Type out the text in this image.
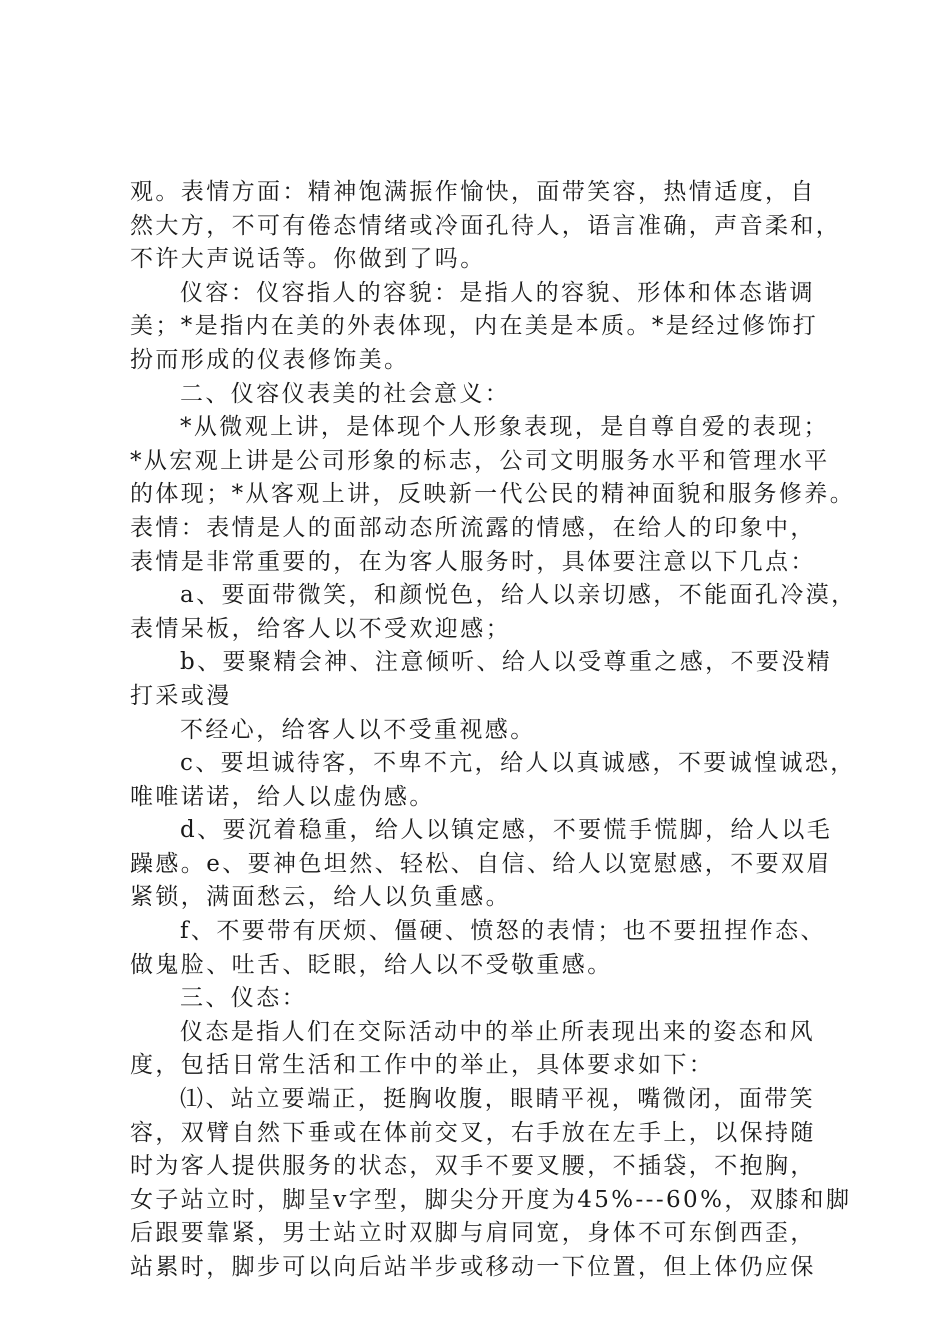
观。表情方面：精神饱满振作愉快，面带笑容，热情适度，自
然大方，不可有倦态情绪或冷面孔待人，语言准确，声音柔和，
不许大声说话等。你做到了吗。
仪容：仪容指人的容貌：是指人的容貌、形体和体态谐调
美；*是指内在美的外表体现，内在美是本质。*是经过修饰打
扮而形成的仪表修饰美。
二、仪容仪表美的社会意义：
*从微观上讲，是体现个人形象表现，是自尊自爱的表现；
*从宏观上讲是公司形象的标志，公司文明服务水平和管理水平
的体现；*从客观上讲，反映新一代公民的精神面貌和服务修养。
表情：表情是人的面部动态所流露的情感，在给人的印象中，
表情是非常重要的，在为客人服务时，具体要注意以下几点：
a、要面带微笑，和颜悦色，给人以亲切感，不能面孔冷漠，
表情呆板，给客人以不受欢迎感；
b、要聚精会神、注意倾听、给人以受尊重之感，不要没精
打采或漫
不经心，给客人以不受重视感。
c、要坦诚待客，不卑不亢，给人以真诚感，不要诚惶诚恐，
唯唯诺诺，给人以虚伪感。
d、要沉着稳重，给人以镇定感，不要慌手慌脚，给人以毛
躁感。e、要神色坦然、轻松、自信、给人以宽慰感，不要双眉
紧锁，满面愁云，给人以负重感。
f、不要带有厌烦、僵硬、愤怒的表情；也不要扭捏作态、
做鬼脸、吐舌、眨眼，给人以不受敬重感。
三、仪态：
仪态是指人们在交际活动中的举止所表现出来的姿态和风
度，包括日常生活和工作中的举止，具体要求如下：
⑴、站立要端正，挺胸收腹，眼睛平视，嘴微闭，面带笑
容，双臂自然下垂或在体前交叉，右手放在左手上，以保持随
时为客人提供服务的状态，双手不要叉腰，不插袋，不抱胸，
女子站立时，脚呈v字型，脚尖分开度为45%---60%，双膝和脚
后跟要靠紧，男士站立时双脚与肩同宽，身体不可东倒西歪，
站累时，脚步可以向后站半步或移动一下位置，但上体仍应保
